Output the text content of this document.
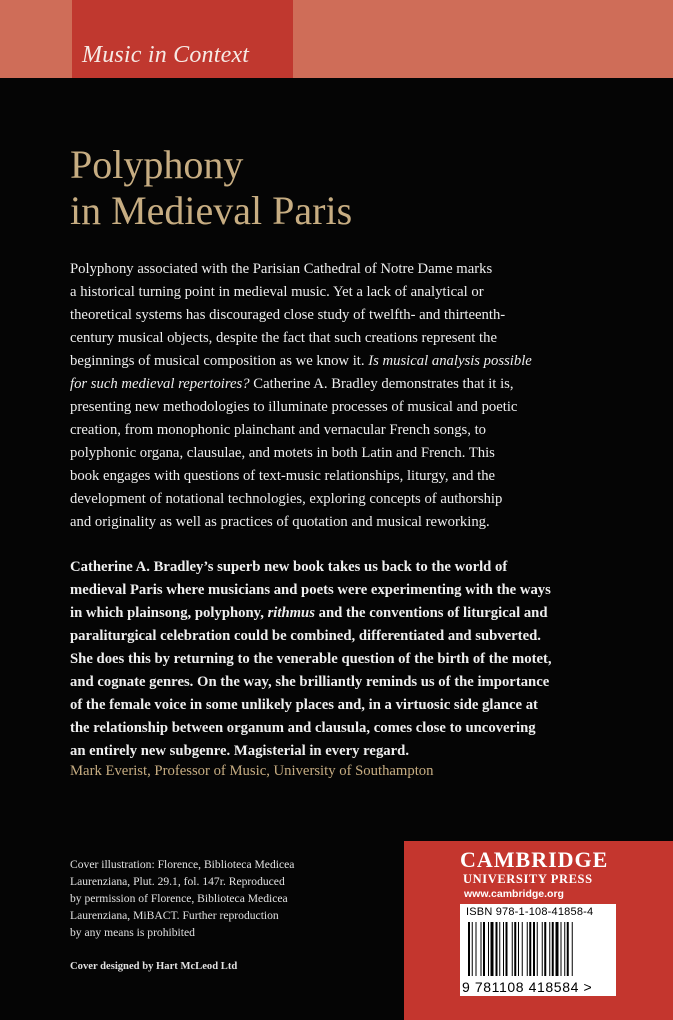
Music in Context
Polyphony
in Medieval Paris
Polyphony associated with the Parisian Cathedral of Notre Dame marks
a historical turning point in medieval music. Yet a lack of analytical or
theoretical systems has discouraged close study of twelfth- and thirteenth-
century musical objects, despite the fact that such creations represent the
beginnings of musical composition as we know it. Is musical analysis possible
for such medieval repertoires? Catherine A. Bradley demonstrates that it is,
presenting new methodologies to illuminate processes of musical and poetic
creation, from monophonic plainchant and vernacular French songs, to
polyphonic organa, clausulae, and motets in both Latin and French. This
book engages with questions of text-music relationships, liturgy, and the
development of notational technologies, exploring concepts of authorship
and originality as well as practices of quotation and musical reworking.
Catherine A. Bradley’s superb new book takes us back to the world of
medieval Paris where musicians and poets were experimenting with the ways
in which plainsong, polyphony, rithmus and the conventions of liturgical and
paraliturgical celebration could be combined, differentiated and subverted.
She does this by returning to the venerable question of the birth of the motet,
and cognate genres. On the way, she brilliantly reminds us of the importance
of the female voice in some unlikely places and, in a virtuosic side glance at
the relationship between organum and clausula, comes close to uncovering
an entirely new subgenre. Magisterial in every regard.
Mark Everist, Professor of Music, University of Southampton
Cover illustration: Florence, Biblioteca Medicea
Laurenziana, Plut. 29.1, fol. 147r. Reproduced
by permission of Florence, Biblioteca Medicea
Laurenziana, MiBACT. Further reproduction
by any means is prohibited
Cover designed by Hart McLeod Ltd
CAMBRIDGE
UNIVERSITY PRESS
www.cambridge.org
ISBN 978-1-108-41858-4
9 781108 418584 >
